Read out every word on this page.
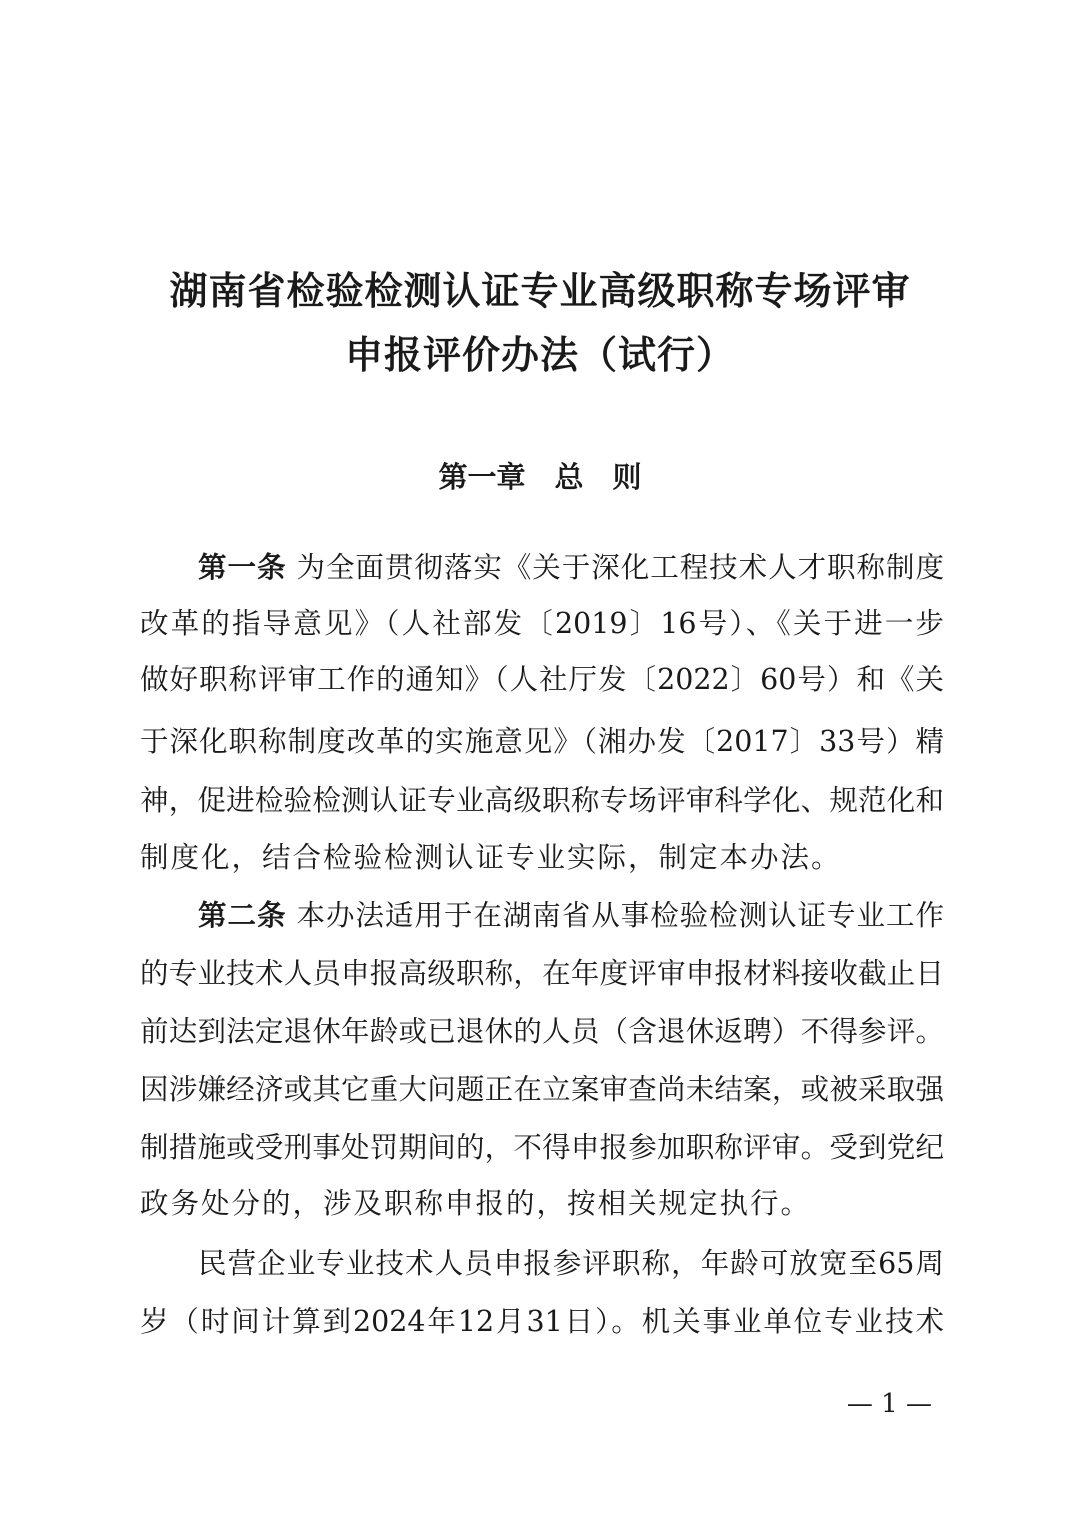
湖南省检验检测认证专业高级职称专场评审
申报评价办法（试行）
第一章　总　则
第一条 为全面贯彻落实《关于深化工程技术人才职称制度
改革的指导意见》（人社部发〔2019〕16号）、《关于进一步
做好职称评审工作的通知》（人社厅发〔2022〕60号）和《关
于深化职称制度改革的实施意见》（湘办发〔2017〕33号）精
神，促进检验检测认证专业高级职称专场评审科学化、规范化和
制度化，结合检验检测认证专业实际，制定本办法。
第二条 本办法适用于在湖南省从事检验检测认证专业工作
的专业技术人员申报高级职称，在年度评审申报材料接收截止日
前达到法定退休年龄或已退休的人员（含退休返聘）不得参评。
因涉嫌经济或其它重大问题正在立案审查尚未结案，或被采取强
制措施或受刑事处罚期间的，不得申报参加职称评审。受到党纪
政务处分的，涉及职称申报的，按相关规定执行。
民营企业专业技术人员申报参评职称，年龄可放宽至65周
岁（时间计算到2024年12月31日）。机关事业单位专业技术
— 1 —
